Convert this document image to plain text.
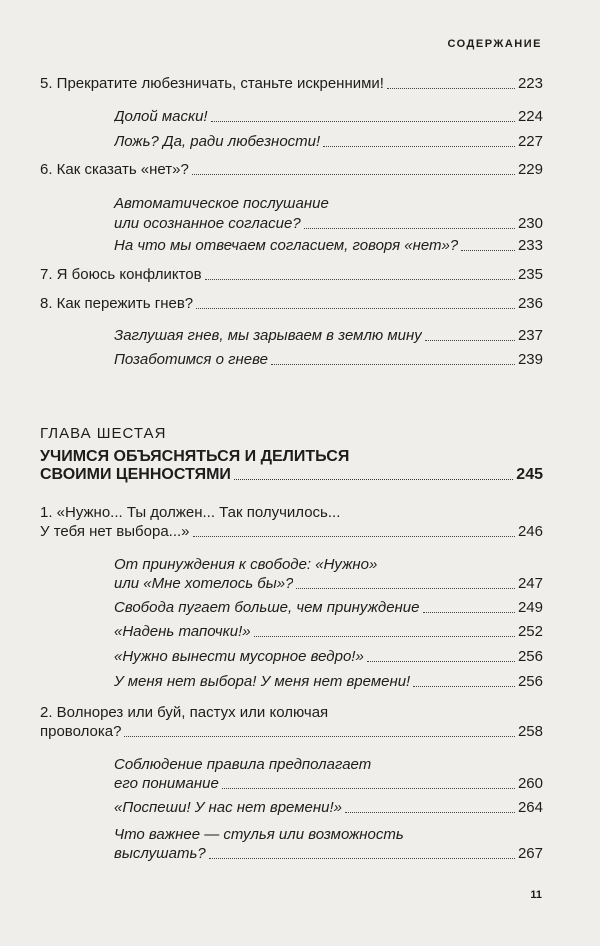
СОДЕРЖАНИЕ
5. Прекратите любезничать, станьте искренними!	223
Долой маски!	224
Ложь? Да, ради любезности!	227
6. Как сказать «нет»?	229
Автоматическое послушание
или осознанное согласие?	230
На что мы отвечаем согласием, говоря «нет»?	233
7. Я боюсь конфликтов	235
8. Как пережить гнев?	236
Заглушая гнев, мы зарываем в землю мину	237
Позаботимся о гневе	239
ГЛАВА ШЕСТАЯ
УЧИМСЯ ОБЪЯСНЯТЬСЯ И ДЕЛИТЬСЯ
СВОИМИ ЦЕННОСТЯМИ	245
1. «Нужно... Ты должен... Так получилось...
У тебя нет выбора...»	246
От принуждения к свободе: «Нужно»
или «Мне хотелось бы»?	247
Свобода пугает больше, чем принуждение	249
«Надень тапочки!»	252
«Нужно вынести мусорное ведро!»	256
У меня нет выбора! У меня нет времени!	256
2. Волнорез или буй, пастух или колючая
проволока?	258
Соблюдение правила предполагает
его понимание	260
«Поспеши! У нас нет времени!»	264
Что важнее — стулья или возможность
выслушать?	267
11
